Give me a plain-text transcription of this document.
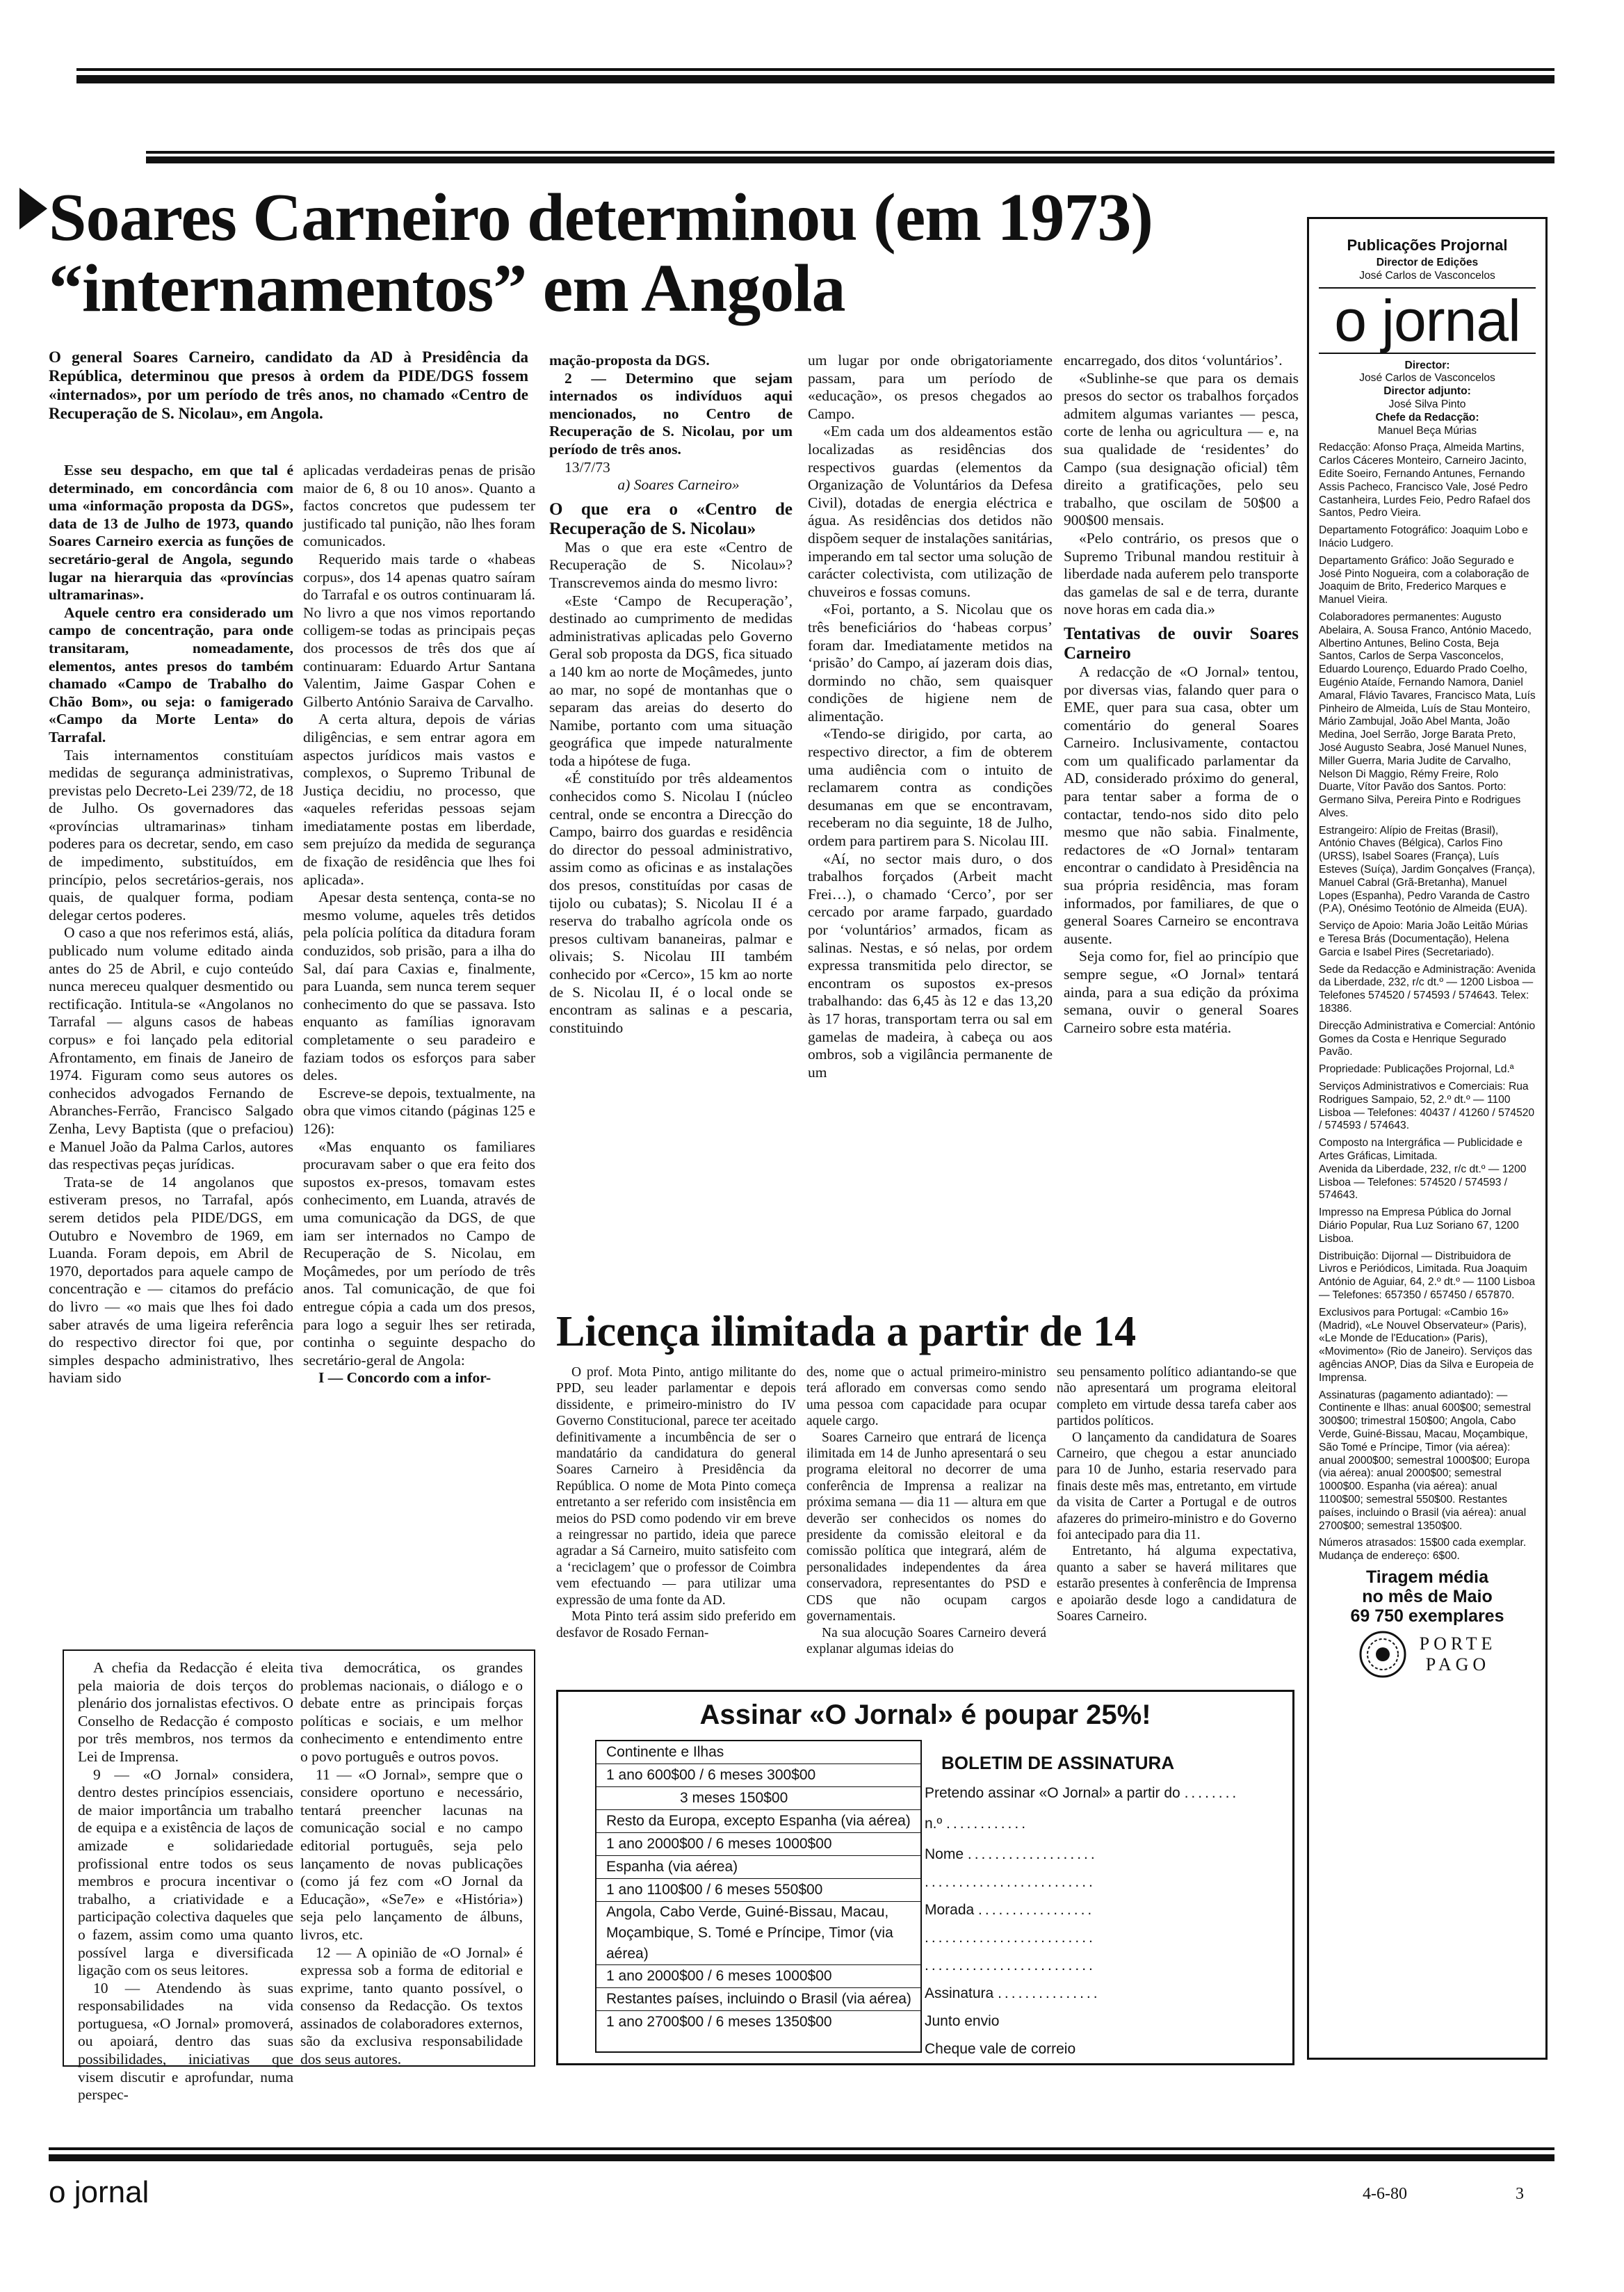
Soares Carneiro determinou (em 1973)
“internamentos” em Angola

O general Soares Carneiro, candidato da AD à Presidência da República, determinou que presos à ordem da PIDE/DGS fossem «internados», por um período de três anos, no chamado «Centro de Recuperação de S. Nicolau», em Angola.

Esse seu despacho, em que tal é determinado, em concordância com uma «informação proposta da DGS», data de 13 de Julho de 1973, quando Soares Carneiro exercia as funções de secretário-geral de Angola, segundo lugar na hierarquia das «províncias ultramarinas».

Aquele centro era considerado um campo de concentração, para onde transitaram, nomeadamente, elementos, antes presos do também chamado «Campo de Trabalho do Chão Bom», ou seja: o famigerado «Campo da Morte Lenta» do Tarrafal.

Tais internamentos constituíam medidas de segurança administrativas, previstas pelo Decreto-Lei 239/72, de 18 de Julho. Os governadores das «províncias ultramarinas» tinham poderes para os decretar, sendo, em caso de impedimento, substituídos, em princípio, pelos secretários-gerais, nos quais, de qualquer forma, podiam delegar certos poderes.

O caso a que nos referimos está, aliás, publicado num volume editado ainda antes do 25 de Abril, e cujo conteúdo nunca mereceu qualquer desmentido ou rectificação. Intitula-se «Angolanos no Tarrafal — alguns casos de habeas corpus» e foi lançado pela editorial Afrontamento, em finais de Janeiro de 1974. Figuram como seus autores os conhecidos advogados Fernando de Abranches-Ferrão, Francisco Salgado Zenha, Levy Baptista (que o prefaciou) e Manuel João da Palma Carlos, autores das respectivas peças jurídicas.

Trata-se de 14 angolanos que estiveram presos, no Tarrafal, após serem detidos pela PIDE/DGS, em Outubro e Novembro de 1969, em Luanda. Foram depois, em Abril de 1970, deportados para aquele campo de concentração e — citamos do prefácio do livro — «o mais que lhes foi dado saber através de uma ligeira referência do respectivo director foi que, por simples despacho administrativo, lhes haviam sido

aplicadas verdadeiras penas de prisão maior de 6, 8 ou 10 anos». Quanto a factos concretos que pudessem ter justificado tal punição, não lhes foram comunicados.

Requerido mais tarde o «habeas corpus», dos 14 apenas quatro saíram do Tarrafal e os outros continuaram lá. No livro a que nos vimos reportando colligem-se todas as principais peças dos processos de três dos que aí continuaram: Eduardo Artur Santana Valentim, Jaime Gaspar Cohen e Gilberto António Saraiva de Carvalho.

A certa altura, depois de várias diligências, e sem entrar agora em aspectos jurídicos mais vastos e complexos, o Supremo Tribunal de Justiça decidiu, no processo, que «aqueles referidas pessoas sejam imediatamente postas em liberdade, sem prejuízo da medida de segurança de fixação de residência que lhes foi aplicada».

Apesar desta sentença, conta-se no mesmo volume, aqueles três detidos pela polícia política da ditadura foram conduzidos, sob prisão, para a ilha do Sal, daí para Caxias e, finalmente, para Luanda, sem nunca terem sequer conhecimento do que se passava. Isto enquanto as famílias ignoravam completamente o seu paradeiro e faziam todos os esforços para saber deles.

Escreve-se depois, textualmente, na obra que vimos citando (páginas 125 e 126):

«Mas enquanto os familiares procuravam saber o que era feito dos supostos ex-presos, tomavam estes conhecimento, em Luanda, através de uma comunicação da DGS, de que iam ser internados no Campo de Recuperação de S. Nicolau, em Moçâmedes, por um período de três anos. Tal comunicação, de que foi entregue cópia a cada um dos presos, para logo a seguir lhes ser retirada, continha o seguinte despacho do secretário-geral de Angola:

I — Concordo com a infor-

mação-proposta da DGS.

2 — Determino que sejam internados os indivíduos aqui mencionados, no Centro de Recuperação de S. Nicolau, por um período de três anos.

13/7/73

a) Soares Carneiro»

O que era o «Centro de Recuperação de S. Nicolau»

Mas o que era este «Centro de Recuperação de S. Nicolau»? Transcrevemos ainda do mesmo livro:

«Este ‘Campo de Recuperação’, destinado ao cumprimento de medidas administrativas aplicadas pelo Governo Geral sob proposta da DGS, fica situado a 140 km ao norte de Moçâmedes, junto ao mar, no sopé de montanhas que o separam das areias do deserto do Namibe, portanto com uma situação geográfica que impede naturalmente toda a hipótese de fuga.

«É constituído por três aldeamentos conhecidos como S. Nicolau I (núcleo central, onde se encontra a Direcção do Campo, bairro dos guardas e residência do director do pessoal administrativo, assim como as oficinas e as instalações dos presos, constituídas por casas de tijolo ou cubatas); S. Nicolau II é a reserva do trabalho agrícola onde os presos cultivam bananeiras, palmar e olivais; S. Nicolau III também conhecido por «Cerco», 15 km ao norte de S. Nicolau II, é o local onde se encontram as salinas e a pescaria, constituindo

um lugar por onde obrigatoriamente passam, para um período de «educação», os presos chegados ao Campo.

«Em cada um dos aldeamentos estão localizadas as residências dos respectivos guardas (elementos da Organização de Voluntários da Defesa Civil), dotadas de energia eléctrica e água. As residências dos detidos não dispõem sequer de instalações sanitárias, imperando em tal sector uma solução de carácter colectivista, com utilização de chuveiros e fossas comuns.

«Foi, portanto, a S. Nicolau que os três beneficiários do ‘habeas corpus’ foram dar. Imediatamente metidos na ‘prisão’ do Campo, aí jazeram dois dias, dormindo no chão, sem quaisquer condições de higiene nem de alimentação.

«Tendo-se dirigido, por carta, ao respectivo director, a fim de obterem uma audiência com o intuito de reclamarem contra as condições desumanas em que se encontravam, receberam no dia seguinte, 18 de Julho, ordem para partirem para S. Nicolau III.

«Aí, no sector mais duro, o dos trabalhos forçados (Arbeit macht Frei…), o chamado ‘Cerco’, por ser cercado por arame farpado, guardado por ‘voluntários’ armados, ficam as salinas. Nestas, e só nelas, por ordem expressa transmitida pelo director, se encontram os supostos ex-presos trabalhando: das 6,45 às 12 e das 13,20 às 17 horas, transportam terra ou sal em gamelas de madeira, à cabeça ou aos ombros, sob a vigilância permanente de um

encarregado, dos ditos ‘voluntários’.

«Sublinhe-se que para os demais presos do sector os trabalhos forçados admitem algumas variantes — pesca, corte de lenha ou agricultura — e, na sua qualidade de ‘residentes’ do Campo (sua designação oficial) têm direito a gratificações, pelo seu trabalho, que oscilam de 50$00 a 900$00 mensais.

«Pelo contrário, os presos que o Supremo Tribunal mandou restituir à liberdade nada auferem pelo transporte das gamelas de sal e de terra, durante nove horas em cada dia.»

Tentativas de ouvir Soares Carneiro

A redacção de «O Jornal» tentou, por diversas vias, falando quer para o EME, quer para sua casa, obter um comentário do general Soares Carneiro. Inclusivamente, contactou com um qualificado parlamentar da AD, considerado próximo do general, para tentar saber a forma de o contactar, tendo-nos sido dito pelo mesmo que não sabia. Finalmente, redactores de «O Jornal» tentaram encontrar o candidato à Presidência na sua própria residência, mas foram informados, por familiares, de que o general Soares Carneiro se encontrava ausente.

Seja como for, fiel ao princípio que sempre segue, «O Jornal» tentará ainda, para a sua edição da próxima semana, ouvir o general Soares Carneiro sobre esta matéria.

Licença ilimitada a partir de 14

O prof. Mota Pinto, antigo militante do PPD, seu leader parlamentar e depois dissidente, e primeiro-ministro do IV Governo Constitucional, parece ter aceitado definitivamente a incumbência de ser o mandatário da candidatura do general Soares Carneiro à Presidência da República. O nome de Mota Pinto começa entretanto a ser referido com insistência em meios do PSD como podendo vir em breve a reingressar no partido, ideia que parece agradar a Sá Carneiro, muito satisfeito com a ‘reciclagem’ que o professor de Coimbra vem efectuando — para utilizar uma expressão de uma fonte da AD.

Mota Pinto terá assim sido preferido em desfavor de Rosado Fernan-

des, nome que o actual primeiro-ministro terá aflorado em conversas como sendo uma pessoa com capacidade para ocupar aquele cargo.

Soares Carneiro que entrará de licença ilimitada em 14 de Junho apresentará o seu programa eleitoral no decorrer de uma conferência de Imprensa a realizar na próxima semana — dia 11 — altura em que deverão ser conhecidos os nomes do presidente da comissão eleitoral e da comissão política que integrará, além de personalidades independentes da área conservadora, representantes do PSD e CDS que não ocupam cargos governamentais.

Na sua alocução Soares Carneiro deverá explanar algumas ideias do

seu pensamento político adiantando-se que não apresentará um programa eleitoral completo em virtude dessa tarefa caber aos partidos políticos.

O lançamento da candidatura de Soares Carneiro, que chegou a estar anunciado para 10 de Junho, estaria reservado para finais deste mês mas, entretanto, em virtude da visita de Carter a Portugal e de outros afazeres do primeiro-ministro e do Governo foi antecipado para dia 11.

Entretanto, há alguma expectativa, quanto a saber se haverá militares que estarão presentes à conferência de Imprensa e apoiarão desde logo a candidatura de Soares Carneiro.

A chefia da Redacção é eleita pela maioria de dois terços do plenário dos jornalistas efectivos. O Conselho de Redacção é composto por três membros, nos termos da Lei de Imprensa.

9 — «O Jornal» considera, dentro destes princípios essenciais, de maior importância um trabalho de equipa e a existência de laços de amizade e solidariedade profissional entre todos os seus membros e procura incentivar o trabalho, a criatividade e a participação colectiva daqueles que o fazem, assim como uma quanto possível larga e diversificada ligação com os seus leitores.

10 — Atendendo às suas responsabilidades na vida portuguesa, «O Jornal» promoverá, ou apoiará, dentro das suas possibilidades, iniciativas que visem discutir e aprofundar, numa perspec-

tiva democrática, os grandes problemas nacionais, o diálogo e o debate entre as principais forças políticas e sociais, e um melhor conhecimento e entendimento entre o povo português e outros povos.

11 — «O Jornal», sempre que o considere oportuno e necessário, tentará preencher lacunas na comunicação social e no campo editorial português, seja pelo lançamento de novas publicações (como já fez com «O Jornal da Educação», «Se7e» e «História») seja pelo lançamento de álbuns, livros, etc.

12 — A opinião de «O Jornal» é expressa sob a forma de editorial e exprime, tanto quanto possível, o consenso da Redacção. Os textos assinados de colaboradores externos, são da exclusiva responsabilidade dos seus autores.

Assinar «O Jornal» é poupar 25%!
Continente e Ilhas
1 ano 600$00 / 6 meses 300$00
3 meses 150$00
Resto da Europa, excepto Espanha (via aérea)
1 ano 2000$00 / 6 meses 1000$00
Espanha (via aérea)
1 ano 1100$00 / 6 meses 550$00
Angola, Cabo Verde, Guiné-Bissau, Macau, Moçambique, S. Tomé e Príncipe, Timor (via aérea)
1 ano 2000$00 / 6 meses 1000$00
Restantes países, incluindo o Brasil (via aérea)
1 ano 2700$00 / 6 meses 1350$00
BOLETIM DE ASSINATURA
Pretendo assinar «O Jornal» a partir do ........
n.º ............
Nome ...................
.........................
Morada .................
.........................
.........................
Assinatura ...............
Junto envio
Cheque vale de correio

Publicações Projornal

Director de Edições

José Carlos de Vasconcelos

o jornal

Director:

José Carlos de Vasconcelos

Director adjunto:

José Silva Pinto

Chefe da Redacção:

Manuel Beça Múrias

Redacção: Afonso Praça, Almeida Martins, Carlos Cáceres Monteiro, Carneiro Jacinto, Edite Soeiro, Fernando Antunes, Fernando Assis Pacheco, Francisco Vale, José Pedro Castanheira, Lurdes Feio, Pedro Rafael dos Santos, Pedro Vieira.

Departamento Fotográfico: Joaquim Lobo e Inácio Ludgero.

Departamento Gráfico: João Segurado e José Pinto Nogueira, com a colaboração de Joaquim de Brito, Frederico Marques e Manuel Vieira.

Colaboradores permanentes: Augusto Abelaira, A. Sousa Franco, António Macedo, Albertino Antunes, Belino Costa, Beja Santos, Carlos de Serpa Vasconcelos, Eduardo Lourenço, Eduardo Prado Coelho, Eugénio Ataíde, Fernando Namora, Daniel Amaral, Flávio Tavares, Francisco Mata, Luís Pinheiro de Almeida, Luís de Stau Monteiro, Mário Zambujal, João Abel Manta, João Medina, Joel Serrão, Jorge Barata Preto, José Augusto Seabra, José Manuel Nunes, Miller Guerra, Maria Judite de Carvalho, Nelson Di Maggio, Rémy Freire, Rolo Duarte, Vítor Pavão dos Santos. Porto: Germano Silva, Pereira Pinto e Rodrigues Alves.

Estrangeiro: Alípio de Freitas (Brasil), António Chaves (Bélgica), Carlos Fino (URSS), Isabel Soares (França), Luís Esteves (Suíça), Jardim Gonçalves (França), Manuel Cabral (Grã-Bretanha), Manuel Lopes (Espanha), Pedro Varanda de Castro (P.A), Onésimo Teotónio de Almeida (EUA).

Serviço de Apoio: Maria João Leitão Múrias e Teresa Brás (Documentação), Helena Garcia e Isabel Pires (Secretariado).

Sede da Redacção e Administração: Avenida da Liberdade, 232, r/c dt.º — 1200 Lisboa — Telefones 574520 / 574593 / 574643. Telex: 18386.

Direcção Administrativa e Comercial: António Gomes da Costa e Henrique Segurado Pavão.

Propriedade: Publicações Projornal, Ld.ª

Serviços Administrativos e Comerciais: Rua Rodrigues Sampaio, 52, 2.º dt.º — 1100 Lisboa — Telefones: 40437 / 41260 / 574520 / 574593 / 574643.

Composto na Intergráfica — Publicidade e Artes Gráficas, Limitada.

Avenida da Liberdade, 232, r/c dt.º — 1200 Lisboa — Telefones: 574520 / 574593 / 574643.

Impresso na Empresa Pública do Jornal Diário Popular, Rua Luz Soriano 67, 1200 Lisboa.

Distribuição: Dijornal — Distribuidora de Livros e Periódicos, Limitada. Rua Joaquim António de Aguiar, 64, 2.º dt.º — 1100 Lisboa — Telefones: 657350 / 657450 / 657870.

Exclusivos para Portugal: «Cambio 16» (Madrid), «Le Nouvel Observateur» (Paris), «Le Monde de l'Education» (Paris), «Movimento» (Rio de Janeiro). Serviços das agências ANOP, Dias da Silva e Europeia de Imprensa.

Assinaturas (pagamento adiantado): — Continente e Ilhas: anual 600$00; semestral 300$00; trimestral 150$00; Angola, Cabo Verde, Guiné-Bissau, Macau, Moçambique, São Tomé e Príncipe, Timor (via aérea): anual 2000$00; semestral 1000$00; Europa (via aérea): anual 2000$00; semestral 1000$00. Espanha (via aérea): anual 1100$00; semestral 550$00. Restantes países, incluindo o Brasil (via aérea): anual 2700$00; semestral 1350$00.

Números atrasados: 15$00 cada exemplar. Mudança de endereço: 6$00.

Tiragem média

no mês de Maio

69 750 exemplares

PORTE
PAGO
o jornal	4-6-80	3
